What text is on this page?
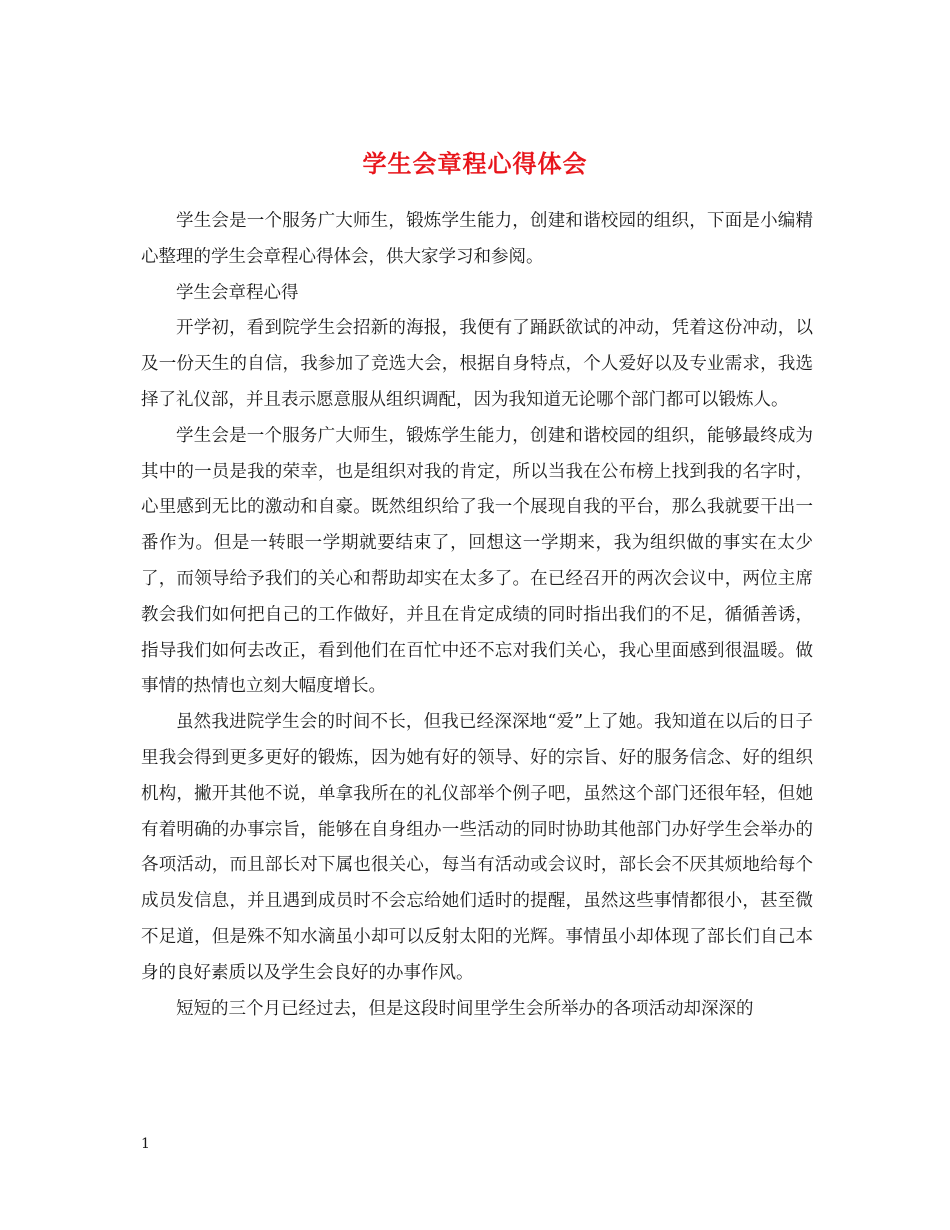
学生会章程心得体会

学生会是一个服务广大师生，锻炼学生能力，创建和谐校园的组织，下面是小编精心整理的学生会章程心得体会，供大家学习和参阅。

学生会章程心得

开学初，看到院学生会招新的海报，我便有了踊跃欲试的冲动，凭着这份冲动，以及一份天生的自信，我参加了竞选大会，根据自身特点，个人爱好以及专业需求，我选择了礼仪部，并且表示愿意服从组织调配，因为我知道无论哪个部门都可以锻炼人。

学生会是一个服务广大师生，锻炼学生能力，创建和谐校园的组织，能够最终成为其中的一员是我的荣幸，也是组织对我的肯定，所以当我在公布榜上找到我的名字时，心里感到无比的激动和自豪。既然组织给了我一个展现自我的平台，那么我就要干出一番作为。但是一转眼一学期就要结束了，回想这一学期来，我为组织做的事实在太少了，而领导给予我们的关心和帮助却实在太多了。在已经召开的两次会议中，两位主席教会我们如何把自己的工作做好，并且在肯定成绩的同时指出我们的不足，循循善诱，指导我们如何去改正，看到他们在百忙中还不忘对我们关心，我心里面感到很温暖。做事情的热情也立刻大幅度增长。

虽然我进院学生会的时间不长，但我已经深深地“爱”上了她。我知道在以后的日子里我会得到更多更好的锻炼，因为她有好的领导、好的宗旨、好的服务信念、好的组织机构，撇开其他不说，单拿我所在的礼仪部举个例子吧，虽然这个部门还很年轻，但她有着明确的办事宗旨，能够在自身组办一些活动的同时协助其他部门办好学生会举办的各项活动，而且部长对下属也很关心，每当有活动或会议时，部长会不厌其烦地给每个成员发信息，并且遇到成员时不会忘给她们适时的提醒，虽然这些事情都很小，甚至微不足道，但是殊不知水滴虽小却可以反射太阳的光辉。事情虽小却体现了部长们自己本身的良好素质以及学生会良好的办事作风。

短短的三个月已经过去，但是这段时间里学生会所举办的各项活动却深深的

1
